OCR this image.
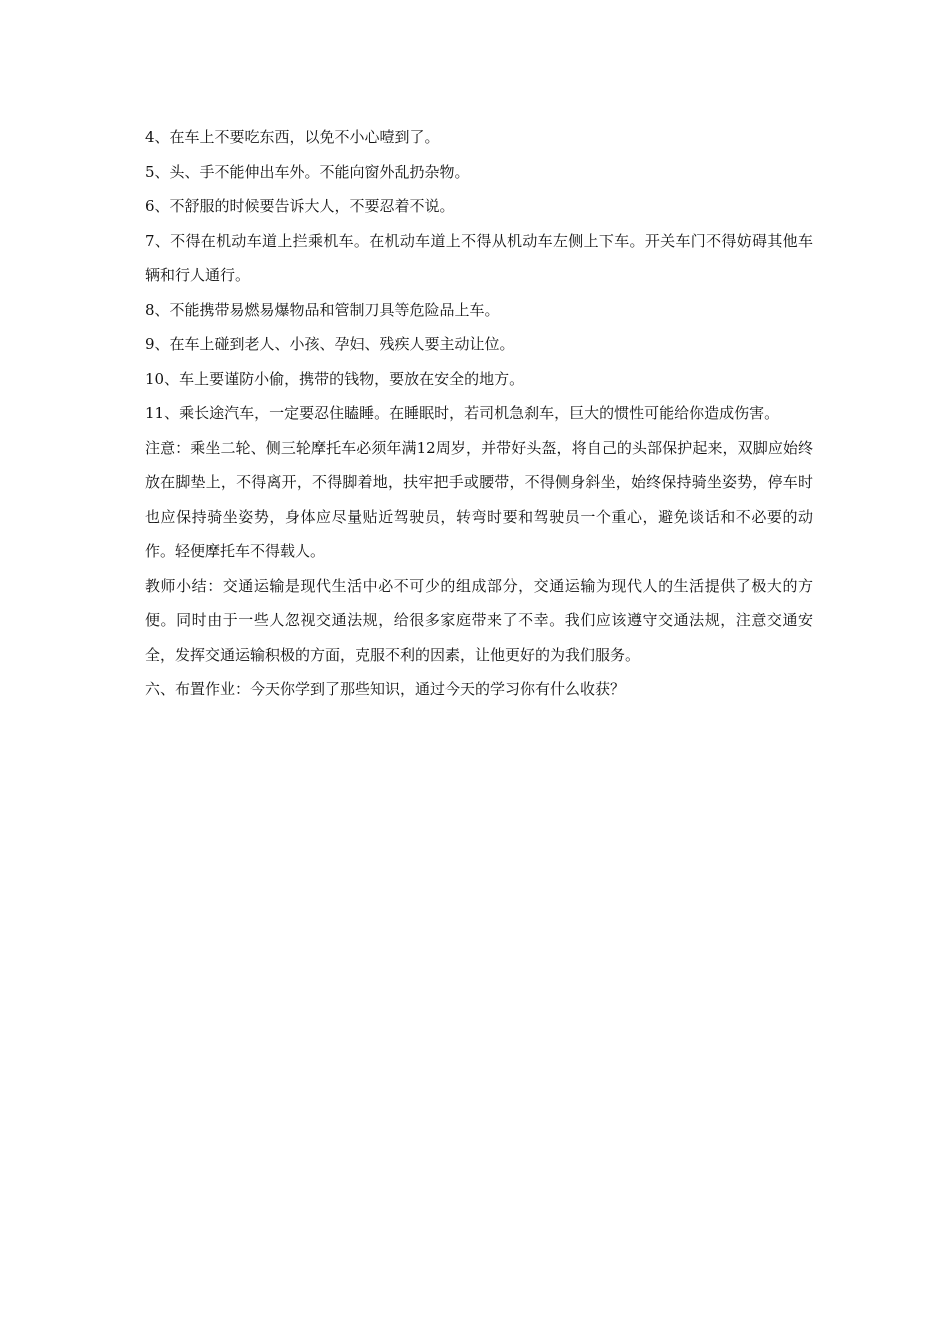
4、在车上不要吃东西，以免不小心噎到了。

5、头、手不能伸出车外。不能向窗外乱扔杂物。

6、不舒服的时候要告诉大人，不要忍着不说。

7、不得在机动车道上拦乘机车。在机动车道上不得从机动车左侧上下车。开关车门不得妨碍其他车辆和行人通行。

8、不能携带易燃易爆物品和管制刀具等危险品上车。

9、在车上碰到老人、小孩、孕妇、残疾人要主动让位。

10、车上要谨防小偷，携带的钱物，要放在安全的地方。

11、乘长途汽车，一定要忍住瞌睡。在睡眠时，若司机急刹车，巨大的惯性可能给你造成伤害。

注意：乘坐二轮、侧三轮摩托车必须年满12周岁，并带好头盔，将自己的头部保护起来，双脚应始终放在脚垫上，不得离开，不得脚着地，扶牢把手或腰带，不得侧身斜坐，始终保持骑坐姿势，停车时也应保持骑坐姿势，身体应尽量贴近驾驶员，转弯时要和驾驶员一个重心，避免谈话和不必要的动作。轻便摩托车不得载人。

教师小结：交通运输是现代生活中必不可少的组成部分，交通运输为现代人的生活提供了极大的方便。同时由于一些人忽视交通法规，给很多家庭带来了不幸。我们应该遵守交通法规，注意交通安全，发挥交通运输积极的方面，克服不利的因素，让他更好的为我们服务。

六、布置作业：今天你学到了那些知识，通过今天的学习你有什么收获？
